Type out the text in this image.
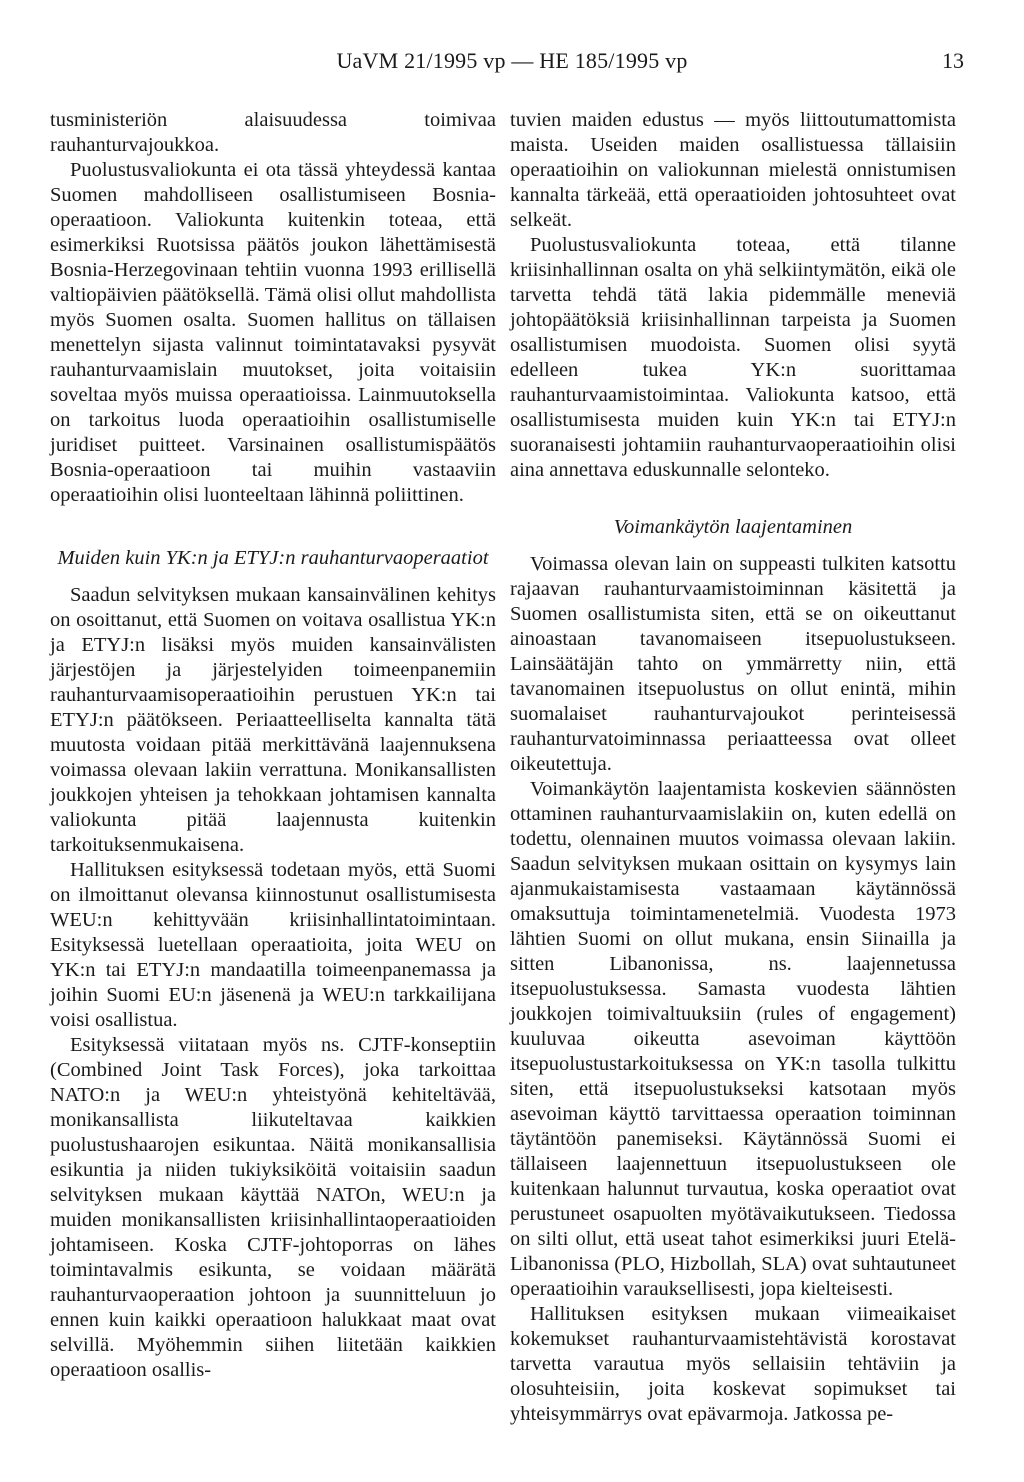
UaVM 21/1995 vp — HE 185/1995 vp	13

tusministeriön alaisuudessa toimivaa rauhanturvajoukkoa.

Puolustusvaliokunta ei ota tässä yhteydessä kantaa Suomen mahdolliseen osallistumiseen Bosnia-operaatioon. Valiokunta kuitenkin toteaa, että esimerkiksi Ruotsissa päätös joukon lähettämisestä Bosnia-Herzegovinaan tehtiin vuonna 1993 erillisellä valtiopäivien päätöksellä. Tämä olisi ollut mahdollista myös Suomen osalta. Suomen hallitus on tällaisen menettelyn sijasta valinnut toimintatavaksi pysyvät rauhanturvaamislain muutokset, joita voitaisiin soveltaa myös muissa operaatioissa. Lainmuutoksella on tarkoitus luoda operaatioihin osallistumiselle juridiset puitteet. Varsinainen osallistumispäätös Bosnia-operaatioon tai muihin vastaaviin operaatioihin olisi luonteeltaan lähinnä poliittinen.

Muiden kuin YK:n ja ETYJ:n rauhanturvaoperaatiot

Saadun selvityksen mukaan kansainvälinen kehitys on osoittanut, että Suomen on voitava osallistua YK:n ja ETYJ:n lisäksi myös muiden kansainvälisten järjestöjen ja järjestelyiden toimeenpanemiin rauhanturvaamisoperaatioihin perustuen YK:n tai ETYJ:n päätökseen. Periaatteelliselta kannalta tätä muutosta voidaan pitää merkittävänä laajennuksena voimassa olevaan lakiin verrattuna. Monikansallisten joukkojen yhteisen ja tehokkaan johtamisen kannalta valiokunta pitää laajennusta kuitenkin tarkoituksenmukaisena.

Hallituksen esityksessä todetaan myös, että Suomi on ilmoittanut olevansa kiinnostunut osallistumisesta WEU:n kehittyvään kriisinhallintatoimintaan. Esityksessä luetellaan operaatioita, joita WEU on YK:n tai ETYJ:n mandaatilla toimeenpanemassa ja joihin Suomi EU:n jäsenenä ja WEU:n tarkkailijana voisi osallistua.

Esityksessä viitataan myös ns. CJTF-konseptiin (Combined Joint Task Forces), joka tarkoittaa NATO:n ja WEU:n yhteistyönä kehiteltävää, monikansallista liikuteltavaa kaikkien puolustushaarojen esikuntaa. Näitä monikansallisia esikuntia ja niiden tukiyksiköitä voitaisiin saadun selvityksen mukaan käyttää NATOn, WEU:n ja muiden monikansallisten kriisinhallintaoperaatioiden johtamiseen. Koska CJTF-johtoporras on lähes toimintavalmis esikunta, se voidaan määrätä rauhanturvaoperaation johtoon ja suunnitteluun jo ennen kuin kaikki operaatioon halukkaat maat ovat selvillä. Myöhemmin siihen liitetään kaikkien operaatioon osallis-

tuvien maiden edustus — myös liittoutumattomista maista. Useiden maiden osallistuessa tällaisiin operaatioihin on valiokunnan mielestä onnistumisen kannalta tärkeää, että operaatioiden johtosuhteet ovat selkeät.

Puolustusvaliokunta toteaa, että tilanne kriisinhallinnan osalta on yhä selkiintymätön, eikä ole tarvetta tehdä tätä lakia pidemmälle meneviä johtopäätöksiä kriisinhallinnan tarpeista ja Suomen osallistumisen muodoista. Suomen olisi syytä edelleen tukea YK:n suorittamaa rauhanturvaamistoimintaa. Valiokunta katsoo, että osallistumisesta muiden kuin YK:n tai ETYJ:n suoranaisesti johtamiin rauhanturvaoperaatioihin olisi aina annettava eduskunnalle selonteko.

Voimankäytön laajentaminen

Voimassa olevan lain on suppeasti tulkiten katsottu rajaavan rauhanturvaamistoiminnan käsitettä ja Suomen osallistumista siten, että se on oikeuttanut ainoastaan tavanomaiseen itsepuolustukseen. Lainsäätäjän tahto on ymmärretty niin, että tavanomainen itsepuolustus on ollut enintä, mihin suomalaiset rauhanturvajoukot perinteisessä rauhanturvatoiminnassa periaatteessa ovat olleet oikeutettuja.

Voimankäytön laajentamista koskevien säännösten ottaminen rauhanturvaamislakiin on, kuten edellä on todettu, olennainen muutos voimassa olevaan lakiin. Saadun selvityksen mukaan osittain on kysymys lain ajanmukaistamisesta vastaamaan käytännössä omaksuttuja toimintamenetelmiä. Vuodesta 1973 lähtien Suomi on ollut mukana, ensin Siinailla ja sitten Libanonissa, ns. laajennetussa itsepuolustuksessa. Samasta vuodesta lähtien joukkojen toimivaltuuksiin (rules of engagement) kuuluvaa oikeutta asevoiman käyttöön itsepuolustustarkoituksessa on YK:n tasolla tulkittu siten, että itsepuolustukseksi katsotaan myös asevoiman käyttö tarvittaessa operaation toiminnan täytäntöön panemiseksi. Käytännössä Suomi ei tällaiseen laajennettuun itsepuolustukseen ole kuitenkaan halunnut turvautua, koska operaatiot ovat perustuneet osapuolten myötävaikutukseen. Tiedossa on silti ollut, että useat tahot esimerkiksi juuri Etelä-Libanonissa (PLO, Hizbollah, SLA) ovat suhtautuneet operaatioihin varauksellisesti, jopa kielteisesti.

Hallituksen esityksen mukaan viimeaikaiset kokemukset rauhanturvaamistehtävistä korostavat tarvetta varautua myös sellaisiin tehtäviin ja olosuhteisiin, joita koskevat sopimukset tai yhteisymmärrys ovat epävarmoja. Jatkossa pe-
